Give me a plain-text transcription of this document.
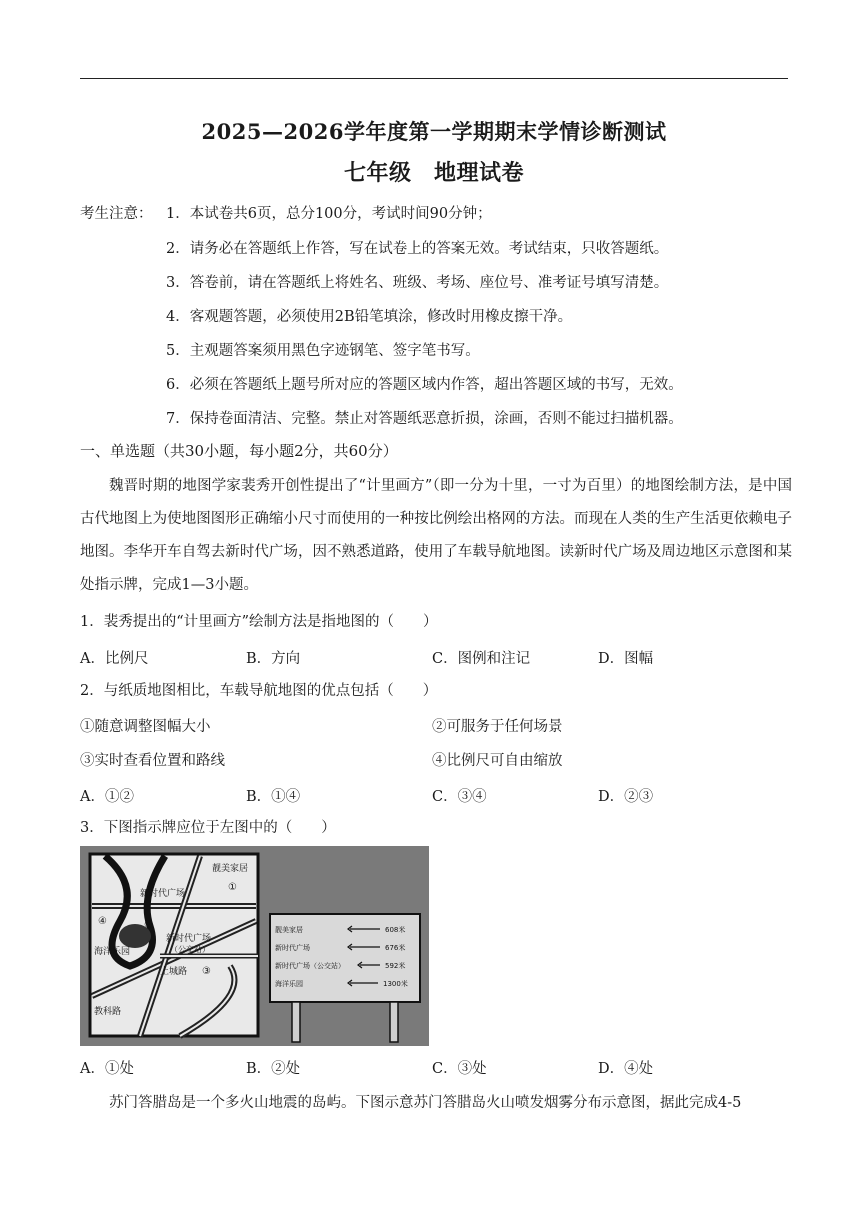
2025—2026学年度第一学期期末学情诊断测试
七年级　地理试卷
考生注意： 1．本试卷共6页，总分100分，考试时间90分钟；
2．请务必在答题纸上作答，写在试卷上的答案无效。考试结束，只收答题纸。
3．答卷前，请在答题纸上将姓名、班级、考场、座位号、准考证号填写清楚。
4．客观题答题，必须使用2B铅笔填涂，修改时用橡皮擦干净。
5．主观题答案须用黑色字迹钢笔、签字笔书写。
6．必须在答题纸上题号所对应的答题区域内作答，超出答题区域的书写，无效。
7．保持卷面清洁、完整。禁止对答题纸恶意折损，涂画，否则不能过扫描机器。
一、单选题（共30小题，每小题2分，共60分）
魏晋时期的地图学家裴秀开创性提出了“计里画方”（即一分为十里，一寸为百里）的地图绘制方法，是中国古代地图上为使地图图形正确缩小尺寸而使用的一种按比例绘出格网的方法。而现在人类的生产生活更依赖电子地图。李华开车自驾去新时代广场，因不熟悉道路，使用了车载导航地图。读新时代广场及周边地区示意图和某处指示牌，完成1—3小题。
1．裴秀提出的“计里画方”绘制方法是指地图的（　　）
A．比例尺	B．方向	C．图例和注记	D．图幅
2．与纸质地图相比，车载导航地图的优点包括（　　）
①随意调整图幅大小	②可服务于任何场景
③实时查看位置和路线	④比例尺可自由缩放
A．①②	B．①④	C．③④	D．②③
3．下图指示牌应位于左图中的（　　）
靓美家居
新时代广场
新时代广场
（公交站）
海洋乐园
上城路
教科路
①
②
③
④
靓美家居	608米
新时代广场	676米
新时代广场（公交站）	592米
海洋乐园	1300米
A．①处	B．②处	C．③处	D．④处
苏门答腊岛是一个多火山地震的岛屿。下图示意苏门答腊岛火山喷发烟雾分布示意图，据此完成4-5
